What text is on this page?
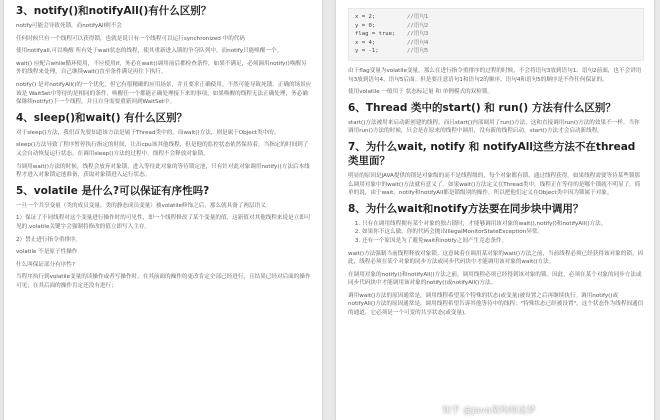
3、notify()和notifyAll()有什么区别？

notify可能会导致死锁，而notifyAll则不会

任何时候只有一个线程可以获得锁，也就是说只有一个线程可以运行synchronized 中的代码

使用notifyall,可以唤醒 所有处于wait状态的线程，使其重新进入锁的争夺队列中，而notify只能唤醒一个。

wait() 应配合while循环使用，不应使用if，务必在wait()调用前后都检查条件，如果不满足，必须调用notify()唤醒另外的线程来处理，自己继续wait()直至条件满足再往下执行。

notify() 是对notifyAll()的一个优化，但它有很精确的应用场景，并且要求正确使用。不然可能导致死锁。正确的场景应该是 WaitSet中等待的是相同的条件，唤醒任一个都能正确处理接下来的事项，如果唤醒的线程无法正确处理，务必确保继续notify()下一个线程，并且自身需要重新回到WaitSet中。

4、sleep()和wait() 有什么区别？

对于sleep()方法，我们首先要知道该方法是属于Thread类中的。而wait()方法，则是属于Object类中的。

sleep()方法导致了程序暂停执行指定的时间，让出cpu该其他线程，但是他的监控状态依然保持着，当指定的时间到了又会自动恢复运行状态。在调用sleep()方法的过程中，线程不会释放对象锁。

当调用wait()方法的时候，线程会放弃对象锁，进入等待此对象的等待锁定池，只有针对此对象调用notify()方法后本线程才进入对象锁定池准备，获取对象锁进入运行状态。

5、volatile 是什么?可以保证有序性吗?

一旦一个共享变量（类的成员变量、类的静态成员变量）被volatile修饰之后，那么就具备了两层语义：

1）保证了不同线程对这个变量进行操作时的可见性，即一个线程修改了某个变量的值，这新值对其他线程来说是立即可见的,volatile关键字会强制将修改的值立即写入主存。

2）禁止进行指令重排序。

volatile 不是原子性操作

什么叫保证部分有序性?

当程序执行到volatile变量的读操作或者写操作时，在其前面的操作的更改肯定全部已经进行，且结果已经对后面的操作可见；在其后面的操作肯定还没有进行；

x = 2;	//语句1
y = 0;	//语句2
flag = true;	//语句3
x = 4;	//语句4
y = -1;	//语句5

由于flag变量为volatile变量，那么在进行指令重排序的过程的时候，不会将语句3放到语句1、语句2前面，也不会讲语句3放到语句4、语句5后面。但是要注意语句1和语句2的顺序、语句4和语句5的顺序是不作任何保证的。

使用volatile 一般用于 状态标记量 和 单例模式的双检锁。

6、Thread 类中的start() 和 run() 方法有什么区别？

start()方法被用来启动新创建的线程，而且start()内部调用了run()方法，这和直接调用run()方法的效果不一样。当你调用run()方法的时候，只会是在原来的线程中调用，没有新的线程启动，start()方法才会启动新线程。

7、为什么wait, notify 和 notifyAll这些方法不在thread类里面？

明显的原因是JAVA提供的锁是对象级的而不是线程级的，每个对象都有锁，通过线程获得。如果线程需要等待某些锁那么调用对象中的wait()方法就有意义了。如果wait()方法定义在Thread类中，线程正在等待的是哪个锁就不明显了。简单的说，由于wait，notify和notifyAll都是锁级别的操作，所以把他们定义在Object类中因为锁属于对象。

8、为什么wait和notify方法要在同步块中调用？
1. 只有在调用线程拥有某个对象的独占锁时，才能够调用该对象的wait(),notify()和notifyAll()方法。
2. 如果你不这么做，你的代码会抛出IllegalMonitorStateException异常。
3. 还有一个原因是为了避免wait和notify之间产生竞态条件。

wait()方法强制当前线程释放对象锁。这意味着在调用某对象的wait()方法之前，当前线程必须已经获得该对象的锁。因此，线程必须在某个对象的同步方法或同步代码块中才能调用该对象的wait()方法。

在调用对象的notify()和notifyAll()方法之前，调用线程必须已经得到该对象的锁。因此，必须在某个对象的同步方法或同步代码块中才能调用该对象的notify()或notifyAll()方法。

调用wait()方法的原因通常是，调用线程希望某个特殊的状态(或变量)被设置之后再继续执行。调用notify()或notifyAll()方法的原因通常是，调用线程希望告诉其他等待中的线程："特殊状态已经被设置"。这个状态作为线程间通信的通道，它必须是一个可变的共享状态(或变量)。

知乎 @Java架构师追梦
